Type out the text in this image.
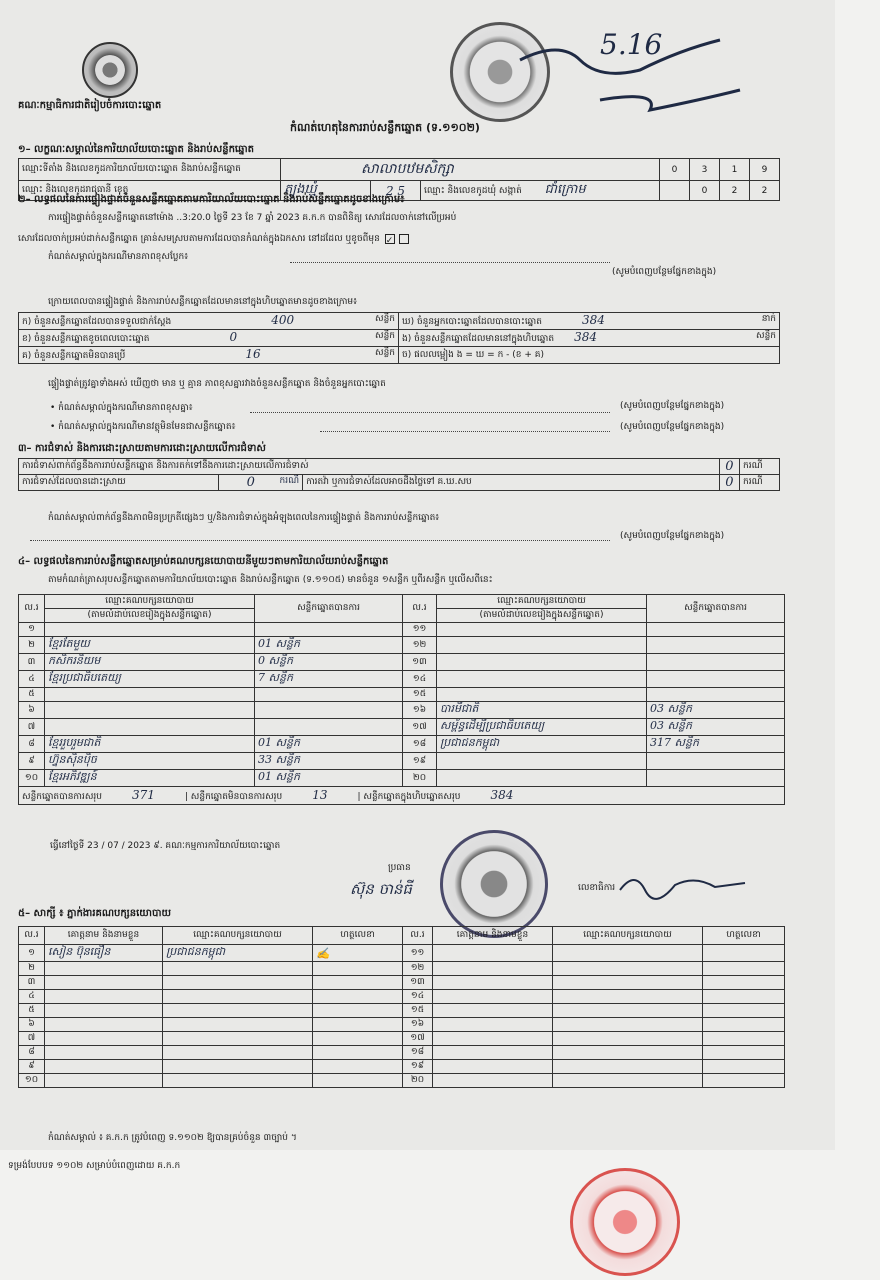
គណៈកម្មាធិការជាតិរៀបចំការបោះឆ្នោត
កំណត់ហេតុនៃការរាប់សន្លឹកឆ្នោត (ទ.១១០២)
5.16
១– លក្ខណៈសម្គាល់នៃការិយាល័យបោះឆ្នោត និងរាប់សន្លឹកឆ្នោត
ឈ្មោះទីតាំង និងលេខកូដការិយាល័យបោះឆ្នោត និងរាប់សន្លឹកឆ្នោត	សាលាបឋមសិក្សា			0	3	1	9
ឈ្មោះ និងលេខកូដរាជធានី ខេត្ត	ត្បូងឃ្មុំ	2 5	ឈ្មោះ និងលេខកូដឃុំ សង្កាត់ ជាំក្រោម		0	2	2
២– លទ្ធផលនៃការផ្ទៀងផ្ទាត់ចំនួនសន្លឹកឆ្នោតតាមការិយាល័យបោះឆ្នោត និងរាប់សន្លឹកឆ្នោតដូចខាងក្រោម៖
ការផ្ទៀងផ្ទាត់ចំនួនសន្លឹកឆ្នោតនៅម៉ោង ..3:20.0 ថ្ងៃទី 23 ខែ 7 ឆ្នាំ 2023 គ.ក.ក បានពិនិត្យ សោរដែលចាក់នៅលើប្រអប់
សោរដែលចាក់ប្រអប់ដាក់សន្លឹកឆ្នោត គ្រាន់សមស្របតាមការដែលបានកំណត់ក្នុងឯកសារ នៅដដែល ឬខូចពីមុន ✓
កំណត់សម្គាល់ក្នុងករណីមានភាពខុសប្លែក៖
(សូមបំពេញបន្ថែមផ្នែកខាងក្នុង)
ក្រោយពេលបានផ្ទៀងផ្ទាត់ និងការរាប់សន្លឹកឆ្នោតដែលមាននៅក្នុងហិបឆ្នោតមានដូចខាងក្រោម៖
ក) ចំនួនសន្លឹកឆ្នោតដែលបានទទួលជាក់ស្តែង 400 សន្លឹក	ឃ) ចំនួនអ្នកបោះឆ្នោតដែលបានបោះឆ្នោត 384 នាក់

ខ) ចំនួនសន្លឹកឆ្នោតខូចពេលបោះឆ្នោត 0 សន្លឹក	ង) ចំនួនសន្លឹកឆ្នោតដែលមាននៅក្នុងហិបឆ្នោត 384 សន្លឹក

គ) ចំនួនសន្លឹកឆ្នោតមិនបានប្រើ 16 សន្លឹក	ច) ផលលម្អៀង ង = ឃ = ក - (ខ + គ)
ផ្ទៀងផ្ទាត់ត្រូវគ្នាទាំងអស់ ឃើញថា មាន ឬ គ្មាន ភាពខុសគ្នារវាងចំនួនសន្លឹកឆ្នោត និងចំនួនអ្នកបោះឆ្នោត
• កំណត់សម្គាល់ក្នុងករណីមានភាពខុសគ្នា៖	(សូមបំពេញបន្ថែមផ្នែកខាងក្នុង)
• កំណត់សម្គាល់ក្នុងករណីមានវត្ថុមិនមែនជាសន្លឹកឆ្នោត៖	(សូមបំពេញបន្ថែមផ្នែកខាងក្នុង)
៣– ការជំទាស់ និងការដោះស្រាយតាមការដោះស្រាយលើការជំទាស់
ការជំទាស់ពាក់ព័ន្ធនឹងការរាប់សន្លឹកឆ្នោត និងការតក់ទៅនឹងការដោះស្រាយលើការជំទាស់			0	ករណី
ការជំទាស់ដែលបានដោះស្រាយ	0 ករណី	ការតវ៉ា ឬការជំទាស់ដែលអាចដឹងថ្លៃទៅ គ.ឃ.សប	0	ករណី
កំណត់សម្គាល់ពាក់ព័ន្ធនឹងភាពមិនប្រក្រតីផ្សេងៗ ឬ/និងការជំទាស់ក្នុងអំឡុងពេលនៃការផ្ទៀងផ្ទាត់ និងការរាប់សន្លឹកឆ្នោត៖
(សូមបំពេញបន្ថែមផ្នែកខាងក្នុង)
៤– លទ្ធផលនៃការរាប់សន្លឹកឆ្នោតសម្រាប់គណបក្សនយោបាយនីមួយៗតាមការិយាល័យរាប់សន្លឹកឆ្នោត
តាមកំណត់ត្រាសរុបសន្លឹកឆ្នោតតាមការិយាល័យបោះឆ្នោត និងរាប់សន្លឹកឆ្នោត (ទ.១១០៥) មានចំនួន ១សន្លឹក ឬពីរសន្លឹក ឬលើសពីនេះ
ល.រ	ឈ្មោះគណបក្សនយោបាយ	សន្លឹកឆ្នោតបានការ	ល.រ	ឈ្មោះគណបក្សនយោបាយ	សន្លឹកឆ្នោតបានការ
	(តាមលំដាប់លេខរៀងក្នុងសន្លឹកឆ្នោត)			(តាមលំដាប់លេខរៀងក្នុងសន្លឹកឆ្នោត)	
១			១១		
២	ខ្មែរតែមួយ	01 សន្លឹក	១២		
៣	កសិករនិយម	0 សន្លឹក	១៣		
៤	ខ្មែរប្រជាធិបតេយ្យ	7 សន្លឹក	១៤		
៥			១៥		
៦			១៦	បារមីជាតិ	03 សន្លឹក
៧			១៧	សម្ព័ន្ធដើម្បីប្រជាធិបតេយ្យ	03 សន្លឹក
៨	ខ្មែររួបរួមជាតិ	01 សន្លឹក	១៨	ប្រជាជនកម្ពុជា	317 សន្លឹក
៩	ហ្វ៊ុនស៊ិនប៉ិច	33 សន្លឹក	១៩		
១០	ខ្មែរអភិវឌ្ឍន៍	01 សន្លឹក	២០		
សន្លឹកឆ្នោតបានការសរុប 371 | សន្លឹកឆ្នោតមិនបានការសរុប 13 | សន្លឹកឆ្នោតក្នុងហិបឆ្នោតសរុប 384					
ធ្វើនៅថ្ងៃទី 23 / 07 / 2023 ៩. គណៈកម្មការការិយាល័យបោះឆ្នោត
ប្រធាន
ស៊ុន ចាន់ធី	លេខាធិការ
៥– សាក្សី ៖ ភ្នាក់ងារគណបក្សនយោបាយ
ល.រ	គោត្តនាម និងនាមខ្លួន	ឈ្មោះគណបក្សនយោបាយ	ហត្ថលេខា	ល.រ	គោត្តនាម និងនាមខ្លួន	ឈ្មោះគណបក្សនយោបាយ	ហត្ថលេខា
១	សៀន ប៊ុនធឿន	ប្រជាជនកម្ពុជា	✍	១១			
២				១២			
៣				១៣			
៤				១៤			
៥				១៥			
៦				១៦			
៧				១៧			
៨				១៨			
៩				១៩			
១០				២០			
កំណត់សម្គាល់ ៖ គ.ក.ក ត្រូវបំពេញ ទ.១១០២ ឱ្យបានគ្រប់ចំនួន ៣ច្បាប់ ។
ទម្រង់បែបបទ ១១០២ សម្រាប់បំពេញដោយ គ.ក.ក
